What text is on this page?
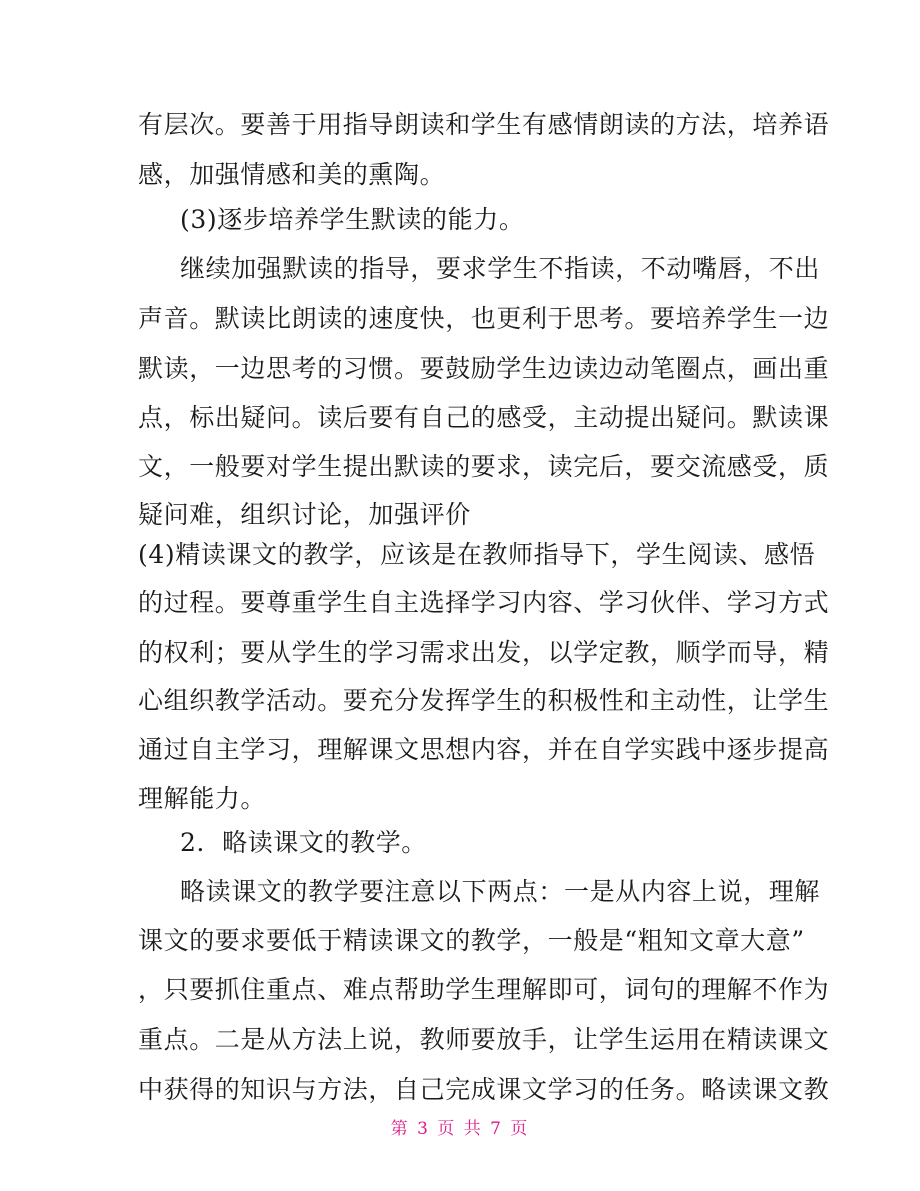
有层次。要善于用指导朗读和学生有感情朗读的方法，培养语
感，加强情感和美的熏陶。
(3)逐步培养学生默读的能力。
继续加强默读的指导，要求学生不指读，不动嘴唇，不出
声音。默读比朗读的速度快，也更利于思考。要培养学生一边
默读，一边思考的习惯。要鼓励学生边读边动笔圈点，画出重
点，标出疑问。读后要有自己的感受，主动提出疑问。默读课
文，一般要对学生提出默读的要求，读完后，要交流感受，质
疑问难，组织讨论，加强评价
(4)精读课文的教学，应该是在教师指导下，学生阅读、感悟
的过程。要尊重学生自主选择学习内容、学习伙伴、学习方式
的权利；要从学生的学习需求出发，以学定教，顺学而导，精
心组织教学活动。要充分发挥学生的积极性和主动性，让学生
通过自主学习，理解课文思想内容，并在自学实践中逐步提高
理解能力。
2．略读课文的教学。
略读课文的教学要注意以下两点：一是从内容上说，理解
课文的要求要低于精读课文的教学，一般是“粗知文章大意”
，只要抓住重点、难点帮助学生理解即可，词句的理解不作为
重点。二是从方法上说，教师要放手，让学生运用在精读课文
中获得的知识与方法，自己完成课文学习的任务。略读课文教
第 3 页 共 7 页
